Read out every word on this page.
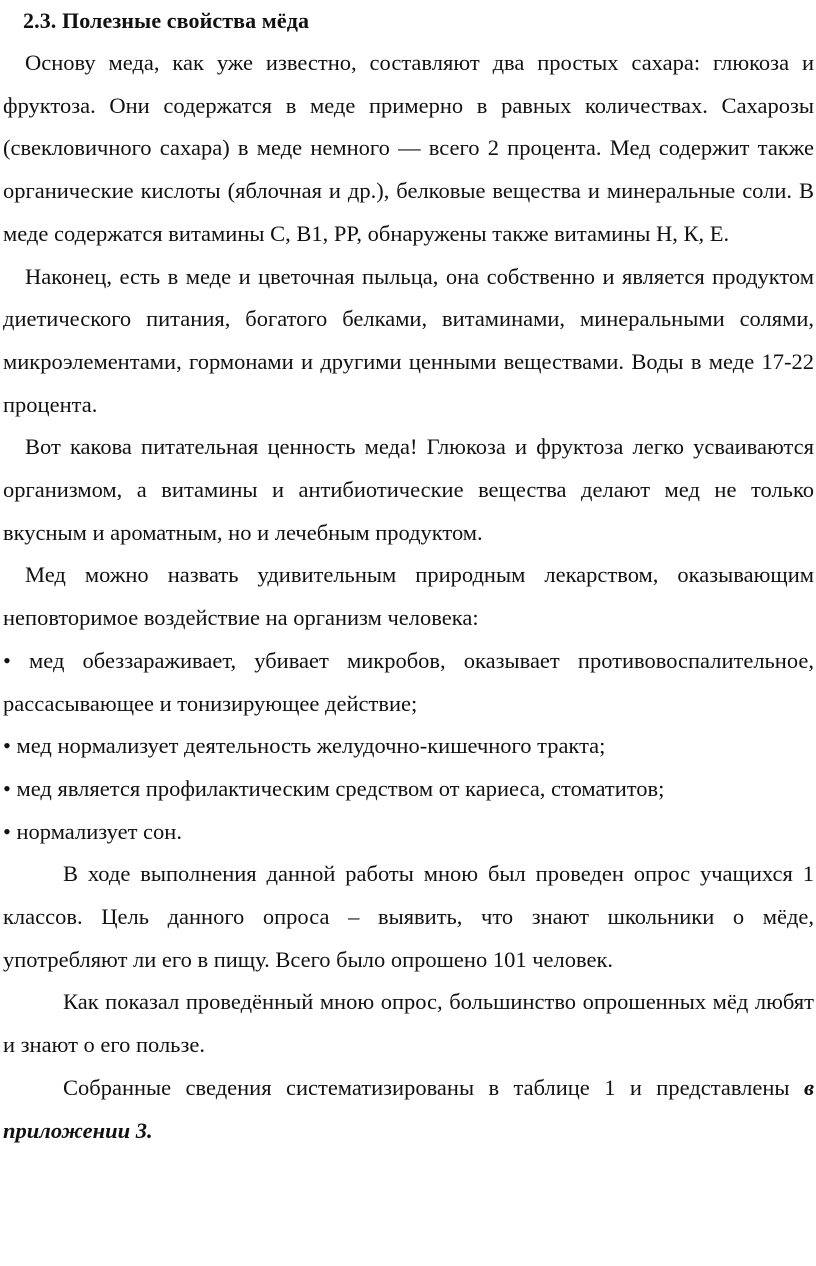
2.3. Полезные свойства мёда

Основу меда, как уже известно, составляют два простых сахара: глюкоза и фруктоза. Они содержатся в меде примерно в равных количествах. Сахарозы (свекловичного сахара) в меде немного — всего 2 процента. Мед содержит также органические кислоты (яблочная и др.), белковые вещества и минеральные соли. В меде содержатся витамины C, B1, PP, обнаружены также витамины Н, К, Е.

Наконец, есть в меде и цветочная пыльца, она собственно и является продуктом диетического питания, богатого белками, витаминами, минеральными солями, микроэлементами, гормонами и другими ценными веществами. Воды в меде 17-22 процента.

Вот какова питательная ценность меда! Глюкоза и фруктоза легко усваиваются организмом, а витамины и антибиотические вещества делают мед не только вкусным и ароматным, но и лечебным продуктом.

Мед можно назвать удивительным природным лекарством, оказывающим неповторимое воздействие на организм человека:

• мед обеззараживает, убивает микробов, оказывает противовоспалительное, рассасывающее и тонизирующее действие;

• мед нормализует деятельность желудочно-кишечного тракта;

• мед является профилактическим средством от кариеса, стоматитов;

• нормализует сон.

В ходе выполнения данной работы мною был проведен опрос учащихся 1 классов. Цель данного опроса – выявить, что знают школьники о мёде, употребляют ли его в пищу. Всего было опрошено 101 человек.

Как показал проведённый мною опрос, большинство опрошенных мёд любят и знают о его пользе.

Собранные сведения систематизированы в таблице 1 и представлены в приложении 3.
